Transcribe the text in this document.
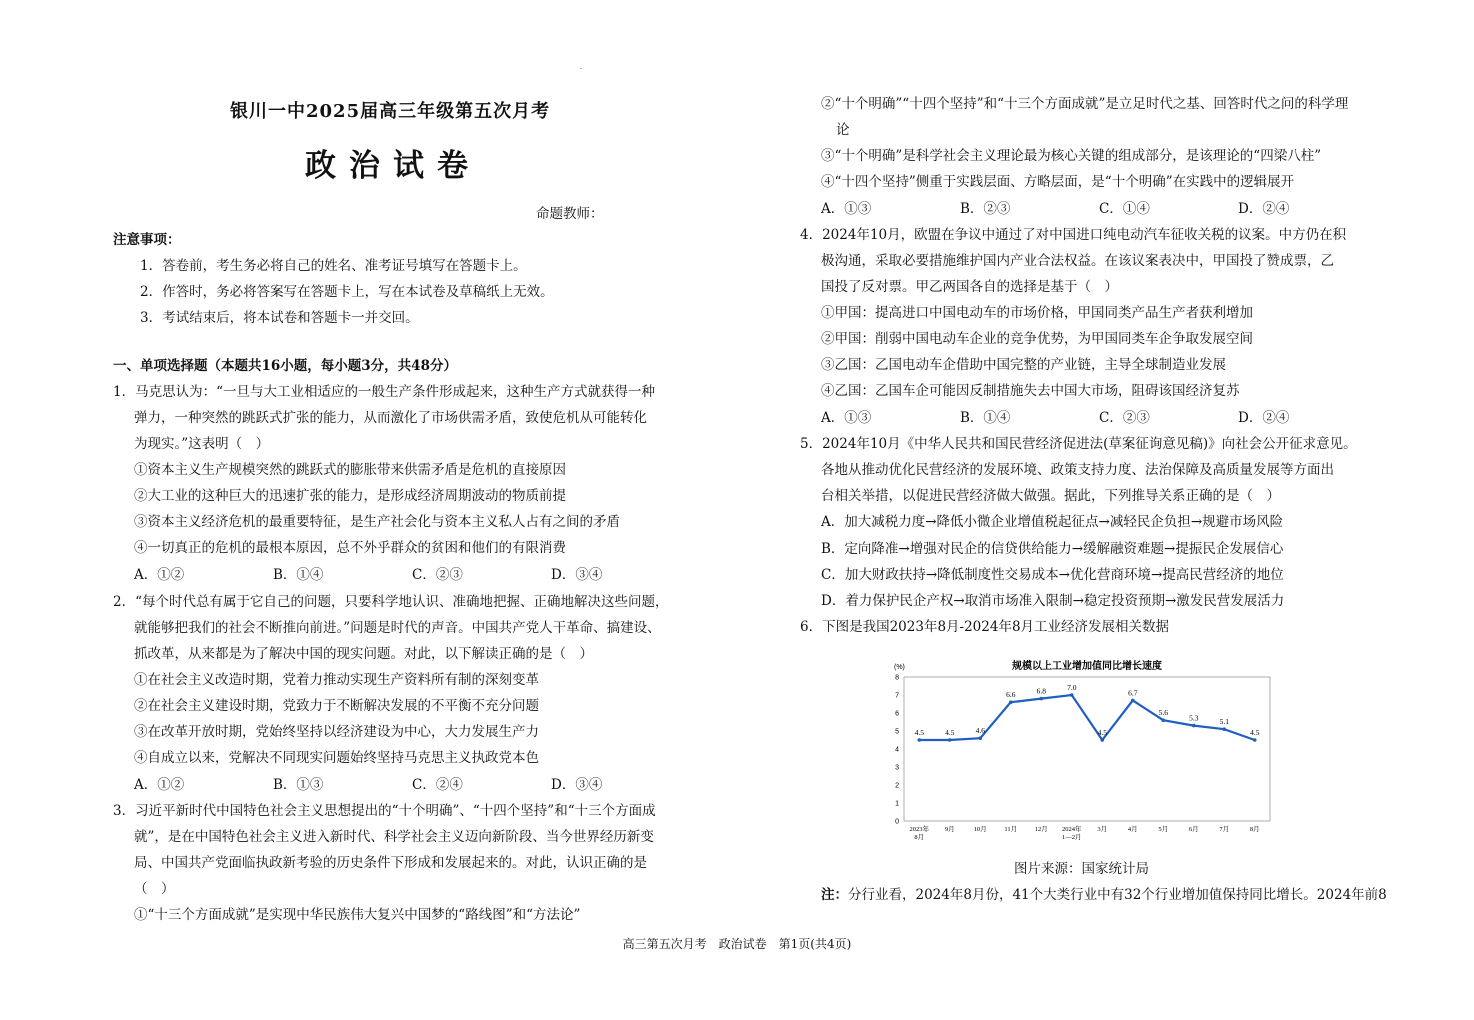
.
银川一中2025届高三年级第五次月考
政治试卷
命题教师：
注意事项：
1．答卷前，考生务必将自己的姓名、准考证号填写在答题卡上。
2．作答时，务必将答案写在答题卡上，写在本试卷及草稿纸上无效。
3．考试结束后，将本试卷和答题卡一并交回。
一、单项选择题（本题共16小题，每小题3分，共48分）
1．马克思认为：“一旦与大工业相适应的一般生产条件形成起来，这种生产方式就获得一种
弹力，一种突然的跳跃式扩张的能力，从而激化了市场供需矛盾，致使危机从可能转化
为现实。”这表明（　）
①资本主义生产规模突然的跳跃式的膨胀带来供需矛盾是危机的直接原因
②大工业的这种巨大的迅速扩张的能力，是形成经济周期波动的物质前提
③资本主义经济危机的最重要特征，是生产社会化与资本主义私人占有之间的矛盾
④一切真正的危机的最根本原因，总不外乎群众的贫困和他们的有限消费
A．①②	B．①④	C．②③	D．③④
2．“每个时代总有属于它自己的问题，只要科学地认识、准确地把握、正确地解决这些问题，
就能够把我们的社会不断推向前进。”问题是时代的声音。中国共产党人干革命、搞建设、
抓改革，从来都是为了解决中国的现实问题。对此，以下解读正确的是（　）
①在社会主义改造时期，党着力推动实现生产资料所有制的深刻变革
②在社会主义建设时期，党致力于不断解决发展的不平衡不充分问题
③在改革开放时期，党始终坚持以经济建设为中心，大力发展生产力
④自成立以来，党解决不同现实问题始终坚持马克思主义执政党本色
A．①②	B．①③	C．②④	D．③④
3．习近平新时代中国特色社会主义思想提出的“十个明确”、“十四个坚持”和“十三个方面成
就”，是在中国特色社会主义进入新时代、科学社会主义迈向新阶段、当今世界经历新变
局、中国共产党面临执政新考验的历史条件下形成和发展起来的。对此，认识正确的是
（　）
①“十三个方面成就”是实现中华民族伟大复兴中国梦的“路线图”和“方法论”
②“十个明确”“十四个坚持”和“十三个方面成就”是立足时代之基、回答时代之问的科学理
论
③“十个明确”是科学社会主义理论最为核心关键的组成部分，是该理论的“四梁八柱”
④“十四个坚持”侧重于实践层面、方略层面，是“十个明确”在实践中的逻辑展开
A．①③	B．②③	C．①④	D．②④
4．2024年10月，欧盟在争议中通过了对中国进口纯电动汽车征收关税的议案。中方仍在积
极沟通，采取必要措施维护国内产业合法权益。在该议案表决中，甲国投了赞成票，乙
国投了反对票。甲乙两国各自的选择是基于（　）
①甲国：提高进口中国电动车的市场价格，甲国同类产品生产者获利增加
②甲国：削弱中国电动车企业的竞争优势，为甲国同类车企争取发展空间
③乙国：乙国电动车企借助中国完整的产业链，主导全球制造业发展
④乙国：乙国车企可能因反制措施失去中国大市场，阻碍该国经济复苏
A．①③	B．①④	C．②③	D．②④
5．2024年10月《中华人民共和国民营经济促进法(草案征询意见稿)》向社会公开征求意见。
各地从推动优化民营经济的发展环境、政策支持力度、法治保障及高质量发展等方面出
台相关举措，以促进民营经济做大做强。据此，下列推导关系正确的是（　）
A．加大减税力度→降低小微企业增值税起征点→减轻民企负担→规避市场风险
B．定向降准→增强对民企的信贷供给能力→缓解融资难题→提振民企发展信心
C．加大财政扶持→降低制度性交易成本→优化营商环境→提高民营经济的地位
D．着力保护民企产权→取消市场准入限制→稳定投资预期→激发民营发展活力
6．下图是我国2023年8月-2024年8月工业经济发展相关数据
规模以上工业增加值同比增长速度
(%)
0
1
2
3
4
5
6
7
8
2023年 8月
9月	10月	11月	12月 2024年 1—2月
3月	4月	5月	6月	7月	8月
4.5	4.5	4.6
6.6	6.8	7.0
4.5
6.7
5.6
5.3	5.1
4.5
图片来源：国家统计局
注：分行业看，2024年8月份，41个大类行业中有32个行业增加值保持同比增长。2024年前8
高三第五次月考　政治试卷　第1页(共4页)
